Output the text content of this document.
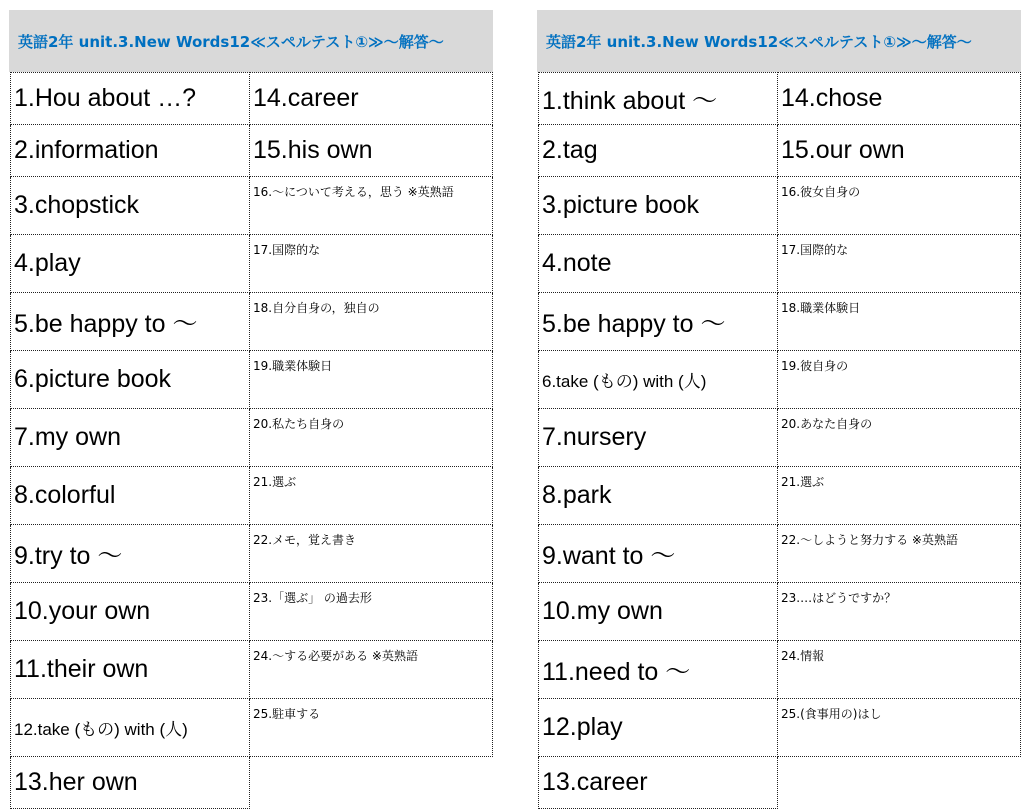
英語2年 unit.3.New Words12≪スペルテスト①≫～解答～
1.Hou about …?	14.career
2.information	15.his own
3.chopstick	16.～について考える，思う ※英熟語
4.play	17.国際的な
5.be happy to ～	18.自分自身の，独自の
6.picture book	19.職業体験日
7.my own	20.私たち自身の
8.colorful	21.選ぶ
9.try to ～	22.メモ，覚え書き
10.your own	23.「選ぶ」 の過去形
11.their own	24.～する必要がある ※英熟語
12.take (もの) with (人)	25.駐車する
13.her own	
英語2年 unit.3.New Words12≪スペルテスト①≫～解答～
1.think about ～	14.chose
2.tag	15.our own
3.picture book	16.彼女自身の
4.note	17.国際的な
5.be happy to ～	18.職業体験日
6.take (もの) with (人)	19.彼自身の
7.nursery	20.あなた自身の
8.park	21.選ぶ
9.want to ～	22.～しようと努力する ※英熟語
10.my own	23.…はどうですか？
11.need to ～	24.情報
12.play	25.(食事用の)はし
13.career	
